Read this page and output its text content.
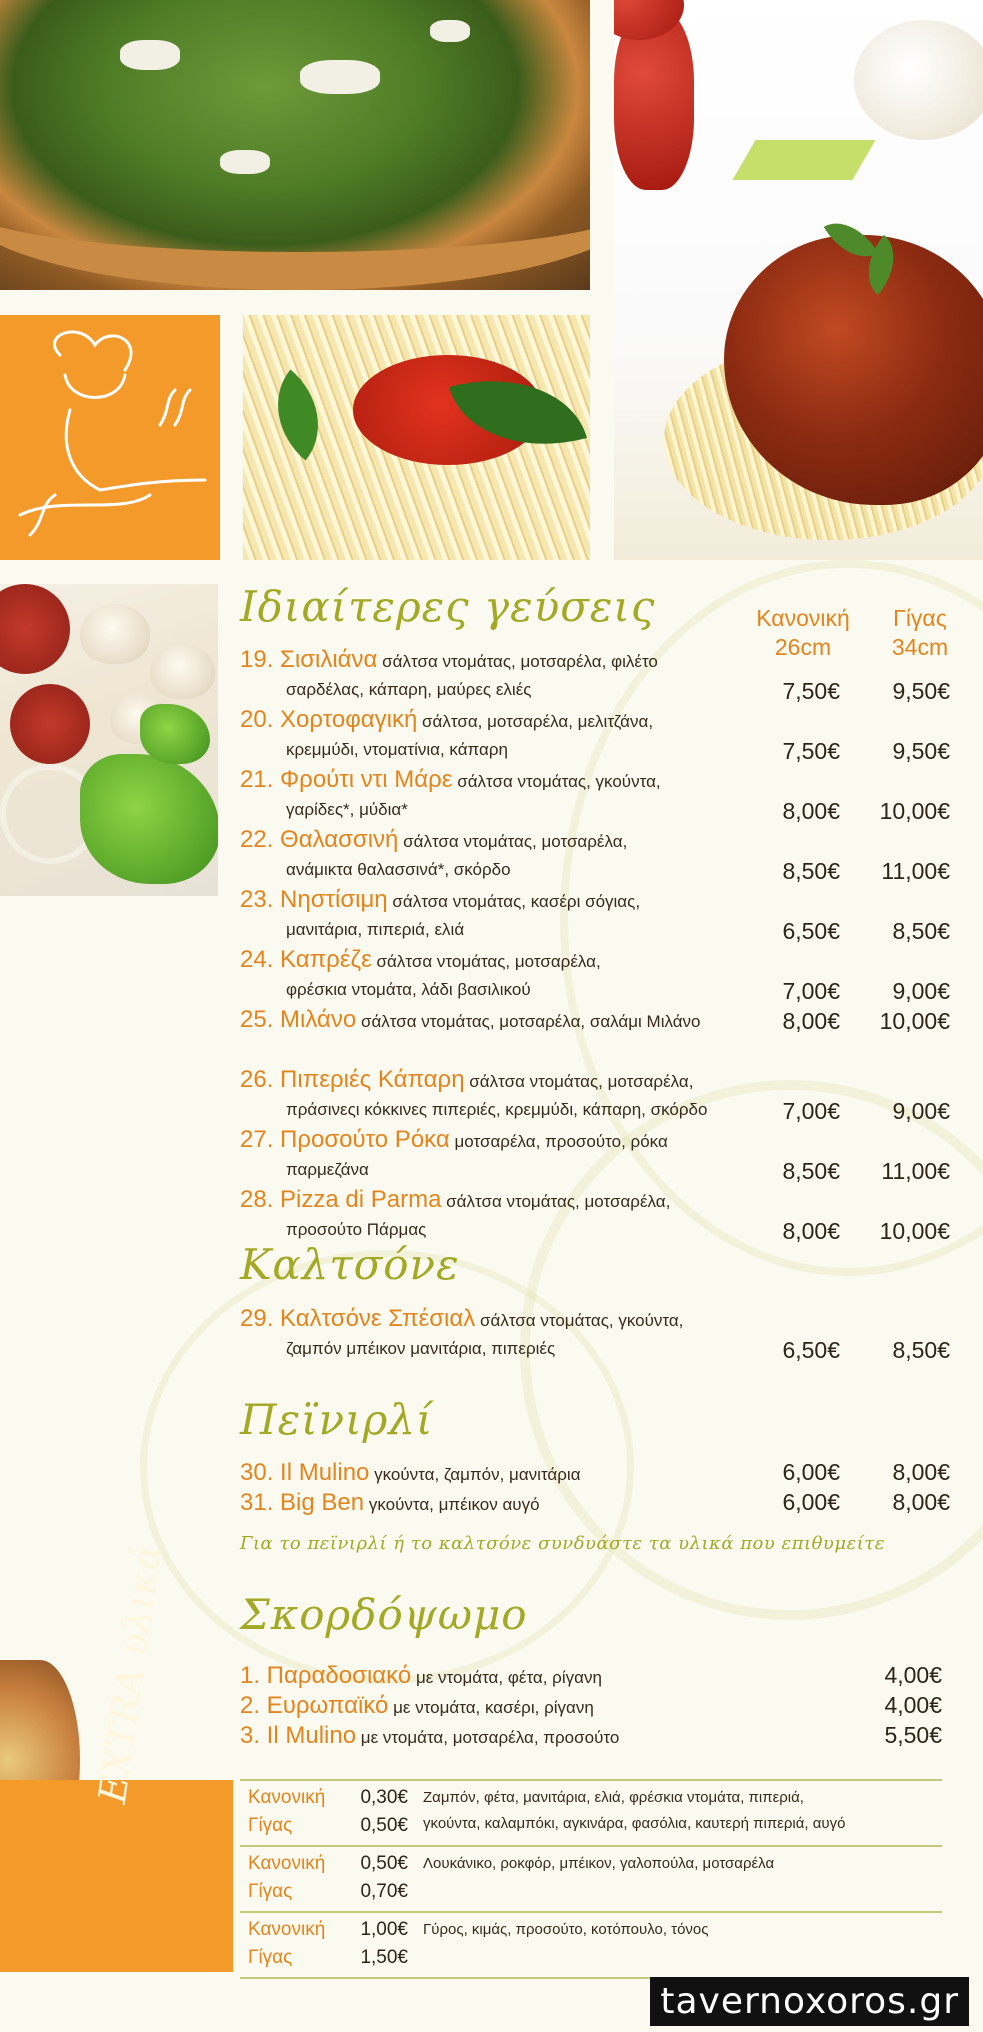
EXTRA υλικά
Ιδιαίτερες γεύσεις	Κανονική
26cm
Γίγας
34cm
19. Σισιλιάνα σάλτσα ντομάτας, μοτσαρέλα, φιλέτο
σαρδέλας, κάπαρη, μαύρες ελιές	7,50€	9,50€
20. Χορτοφαγική σάλτσα, μοτσαρέλα, μελιτζάνα,
κρεμμύδι, ντοματίνια, κάπαρη	7,50€	9,50€
21. Φρούτι ντι Μάρε σάλτσα ντομάτας, γκούντα,
γαρίδες*, μύδια*	8,00€	10,00€
22. Θαλασσινή σάλτσα ντομάτας, μοτσαρέλα,
ανάμικτα θαλασσινά*, σκόρδο	8,50€	11,00€
23. Νηστίσιμη σάλτσα ντομάτας, κασέρι σόγιας,
μανιτάρια, πιπεριά, ελιά	6,50€	8,50€
24. Καπρέζε σάλτσα ντομάτας, μοτσαρέλα,
φρέσκια ντομάτα, λάδι βασιλικού	7,00€	9,00€
25. Μιλάνο σάλτσα ντομάτας, μοτσαρέλα, σαλάμι Μιλάνο	8,00€	10,00€
26. Πιπεριές Κάπαρη σάλτσα ντομάτας, μοτσαρέλα,
πράσινεςι κόκκινες πιπεριές, κρεμμύδι, κάπαρη, σκόρδο	7,00€	9,00€
27. Προσούτο Ρόκα μοτσαρέλα, προσούτο, ρόκα
παρμεζάνα	8,50€	11,00€
28. Pizza di Parma σάλτσα ντομάτας, μοτσαρέλα,
προσούτο Πάρμας	8,00€	10,00€
Καλτσόνε
29. Καλτσόνε Σπέσιαλ σάλτσα ντομάτας, γκούντα,
ζαμπόν μπέικον μανιτάρια, πιπεριές	6,50€	8,50€
Πεϊνιρλί
30. Il Mulino γκούντα, ζαμπόν, μανιτάρια	6,00€	8,00€
31. Big Ben γκούντα, μπέικον αυγό	6,00€	8,00€
Για το πεϊνιρλί ή το καλτσόνε συνδυάστε τα υλικά που επιθυμείτε
Σκορδόψωμο
1. Παραδοσιακό με ντομάτα, φέτα, ρίγανη	4,00€
2. Ευρωπαϊκό με ντομάτα, κασέρι, ρίγανη	4,00€
3. Il Mulino με ντομάτα, μοτσαρέλα, προσούτο	5,50€
Κανονική	0,30€
Γίγας	0,50€
Ζαμπόν, φέτα, μανιτάρια, ελιά, φρέσκια ντομάτα, πιπεριά,
γκούντα, καλαμπόκι, αγκινάρα, φασόλια, καυτερή πιπεριά, αυγό
Κανονική	0,50€
Γίγας	0,70€
Λουκάνικο, ροκφόρ, μπέικον, γαλοπούλα, μοτσαρέλα
Κανονική	1,00€
Γίγας	1,50€
Γύρος, κιμάς, προσούτο, κοτόπουλο, τόνος
tavernoxoros.gr
